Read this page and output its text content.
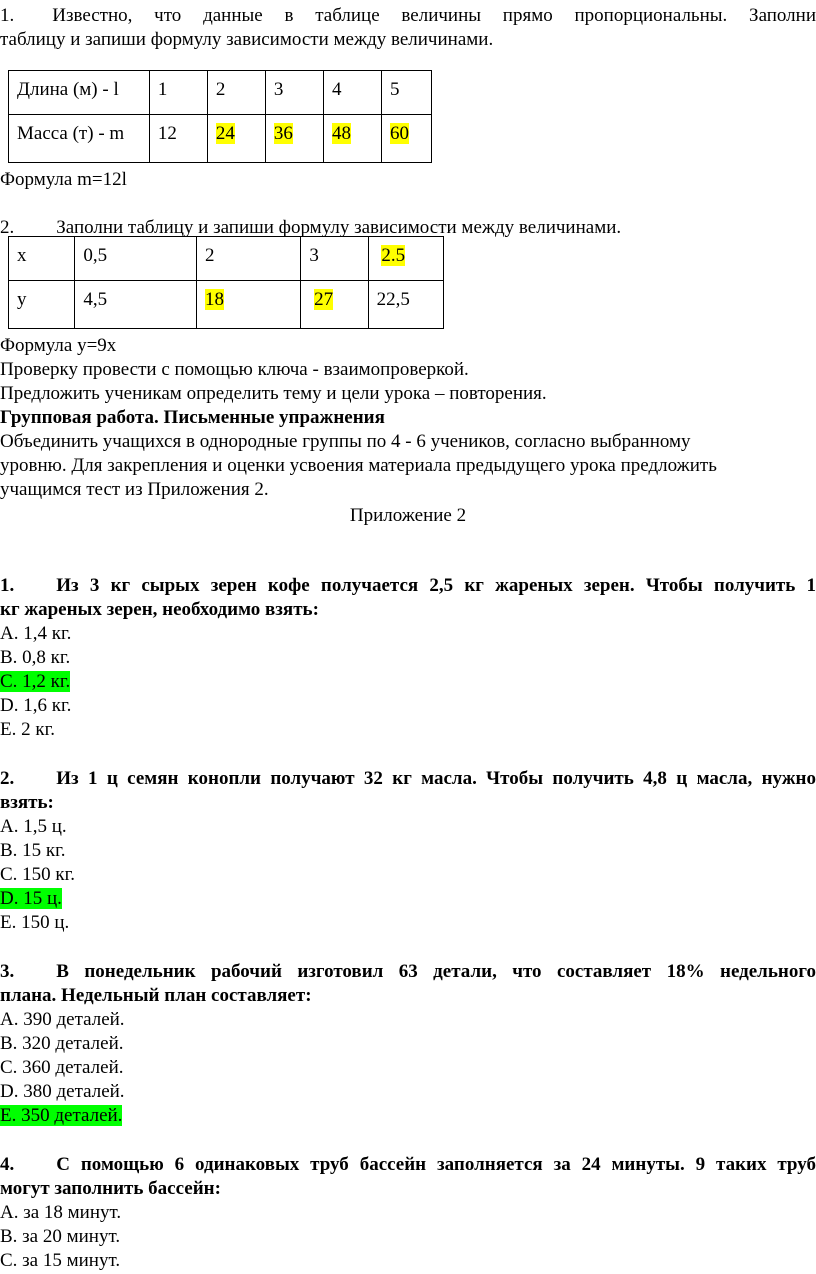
1. Известно, что данные в таблице величины прямо пропорциональны. Заполни
таблицу и запиши формулу зависимости между величинами.
Длина (м) - l	1	2	3	4	5
Масса (т) - m	12	24	36	48	60
Формула m=12l
2. Заполни таблицу и запиши формулу зависимости между величинами.
х	0,5	2	3	2.5
у	4,5	18	27	22,5
Формула у=9х
Проверку провести с помощью ключа - взаимопроверкой.
Предложить ученикам определить тему и цели урока – повторения.
Групповая работа. Письменные упражнения
Объединить учащихся в однородные группы по 4 - 6 учеников, согласно выбранному
уровню. Для закрепления и оценки усвоения материала предыдущего урока предложить
учащимся тест из Приложения 2.
Приложение 2
1. Из 3 кг сырых зерен кофе получается 2,5 кг жареных зерен. Чтобы получить 1
кг жареных зерен, необходимо взять:
А. 1,4 кг.
В. 0,8 кг.
С. 1,2 кг.
D. 1,6 кг.
Е. 2 кг.
2. Из 1 ц семян конопли получают 32 кг масла. Чтобы получить 4,8 ц масла, нужно
взять:
А. 1,5 ц.
В. 15 кг.
С. 150 кг.
D. 15 ц.
Е. 150 ц.
3. В понедельник рабочий изготовил 63 детали, что составляет 18% недельного
плана. Недельный план составляет:
А. 390 деталей.
В. 320 деталей.
С. 360 деталей.
D. 380 деталей.
Е. 350 деталей.
4. С помощью 6 одинаковых труб бассейн заполняется за 24 минуты. 9 таких труб
могут заполнить бассейн:
А. за 18 минут.
В. за 20 минут.
С. за 15 минут.
